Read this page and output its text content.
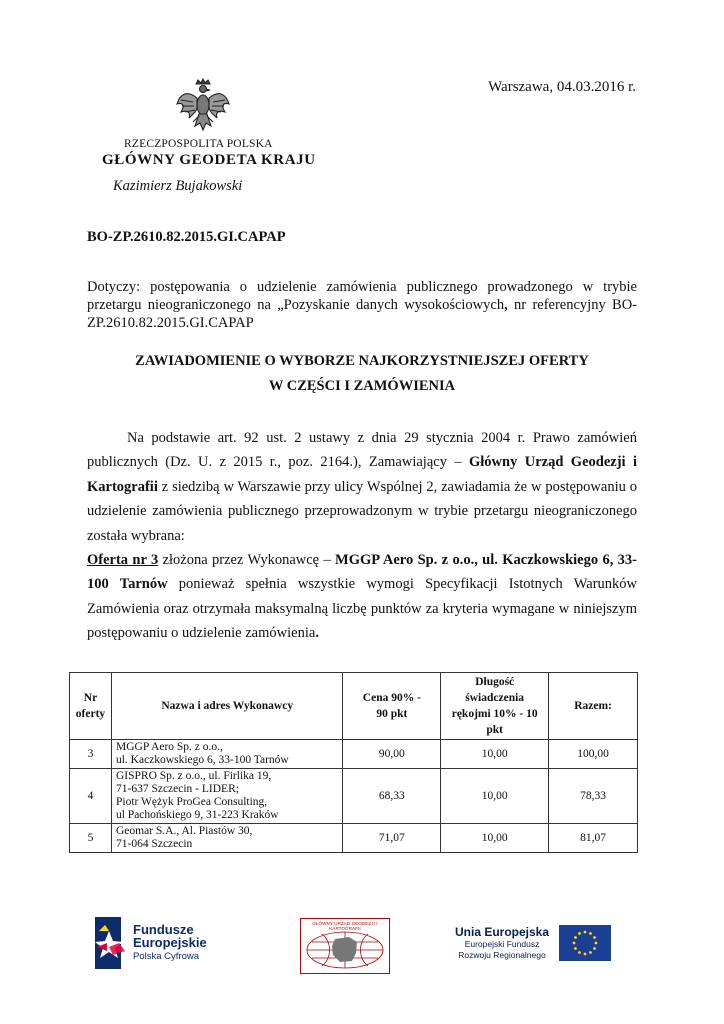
Warszawa, 04.03.2016 r.
RZECZPOSPOLITA POLSKA
GŁÓWNY GEODETA KRAJU
Kazimierz Bujakowski
BO-ZP.2610.82.2015.GI.CAPAP
Dotyczy: postępowania o udzielenie zamówienia publicznego prowadzonego w trybie przetargu nieograniczonego na „Pozyskanie danych wysokościowych, nr referencyjny BO-ZP.2610.82.2015.GI.CAPAP
ZAWIADOMIENIE O WYBORZE NAJKORZYSTNIEJSZEJ OFERTY
W CZĘŚCI I ZAMÓWIENIA

Na podstawie art. 92 ust. 2 ustawy z dnia 29 stycznia 2004 r. Prawo zamówień publicznych (Dz. U. z 2015 r., poz. 2164.), Zamawiający – Główny Urząd Geodezji i Kartografii z siedzibą w Warszawie przy ulicy Wspólnej 2, zawiadamia że w postępowaniu o udzielenie zamówienia publicznego przeprowadzonym w trybie przetargu nieograniczonego została wybrana:

Oferta nr 3 złożona przez Wykonawcę – MGGP Aero Sp. z o.o., ul. Kaczkowskiego 6, 33-100 Tarnów ponieważ spełnia wszystkie wymogi Specyfikacji Istotnych Warunków Zamówienia oraz otrzymała maksymalną liczbę punktów za kryteria wymagane w niniejszym postępowaniu o udzielenie zamówienia.

Nr
oferty	Nazwa i adres Wykonawcy	Cena 90% -
90 pkt	Długość świadczenia
rękojmi 10% - 10 pkt	Razem:
3	MGGP Aero Sp. z o.o.,
ul. Kaczkowskiego 6, 33-100 Tarnów	90,00	10,00	100,00
4	GISPRO Sp. z o.o., ul. Firlika 19,
71-637 Szczecin - LIDER;
Piotr Wężyk ProGea Consulting,
ul Pachońskiego 9, 31-223 Kraków	68,33	10,00	78,33
5	Geomar S.A., Al. Piastów 30,
71-064 Szczecin	71,07	10,00	81,07
Fundusze
Europejskie
Polska Cyfrowa
GŁÓWNY URZĄD GEODEZJI I KARTOGRAFII	Unia Europejska
Europejski Fundusz
Rozwoju Regionalnego
